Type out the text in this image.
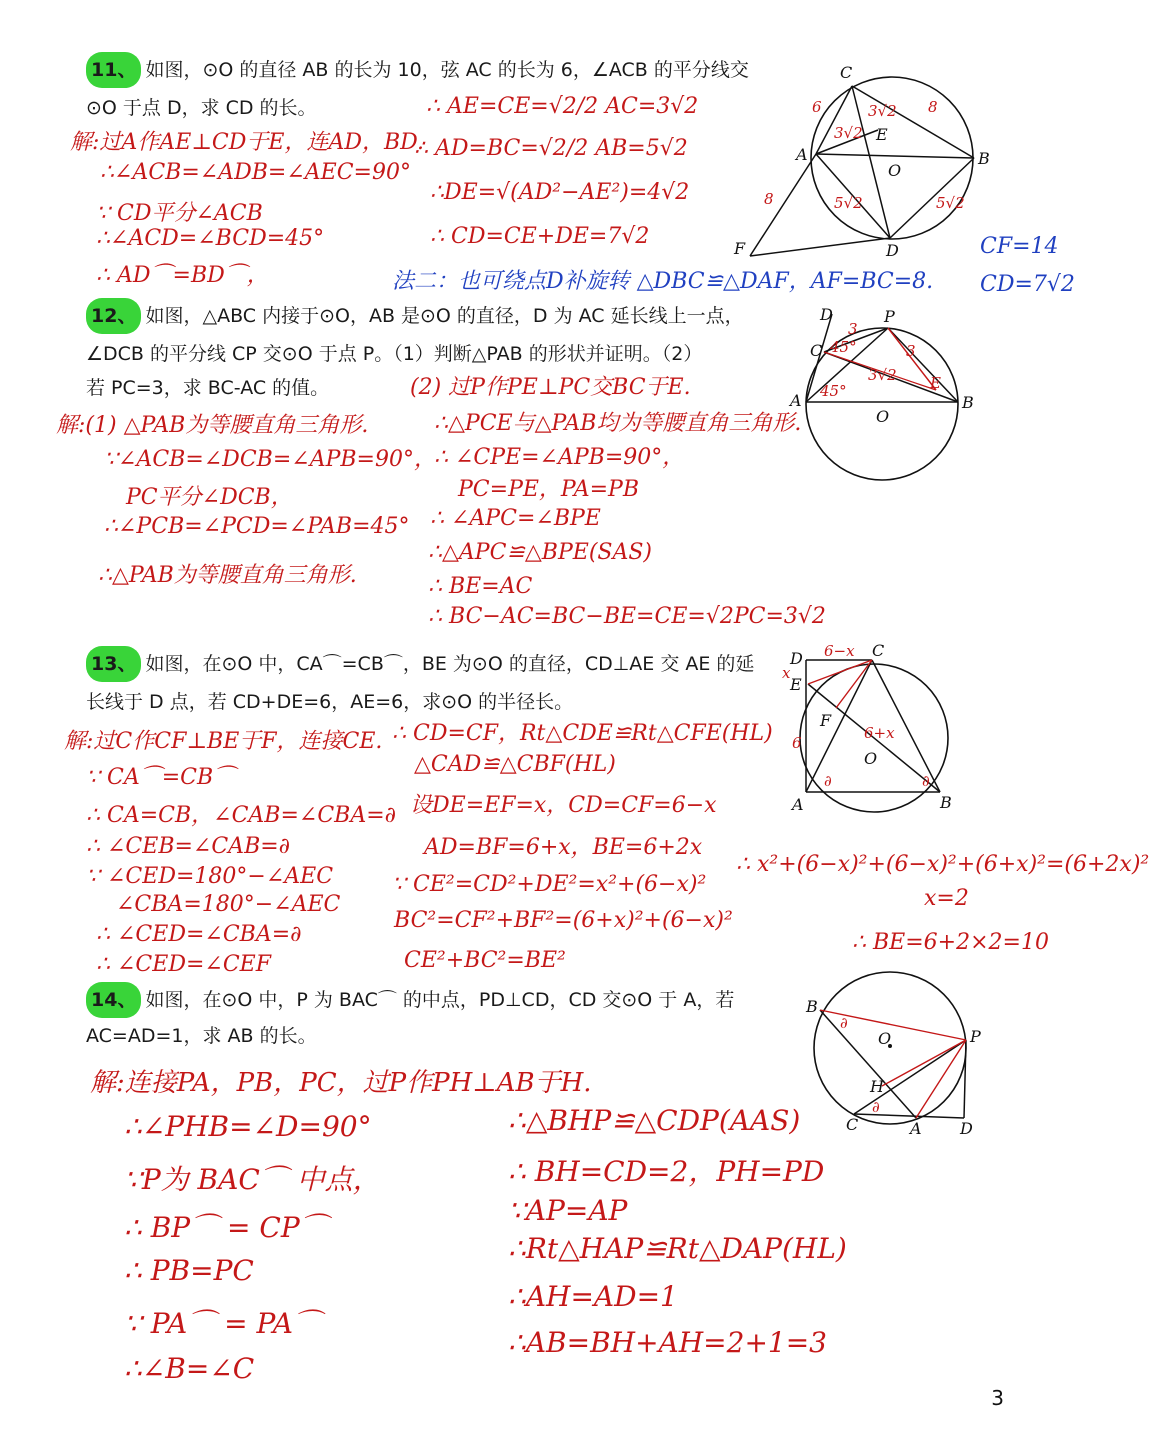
11、 如图，⊙O 的直径 AB 的长为 10，弦 AC 的长为 6，∠ACB 的平分线交
⊙O 于点 D，求 CD 的长。
解:过A作AE⊥CD于E，连AD，BD.
∴∠ACB=∠ADB=∠AEC=90°
∵ CD平分∠ACB
∴∠ACD=∠BCD=45°
∴ AD⌒=BD⌒，
∴ AE=CE=√2/2 AC=3√2
∴ AD=BC=√2/2 AB=5√2
∴DE=√(AD²−AE²)=4√2
∴ CD=CE+DE=7√2
法二：也可绕点D补旋转 △DBC≌△DAF，AF=BC=8.
CF=14
CD=7√2
C
A	B
O
D
F
E
6	8
8
3√2
5√2	5√2
3√2
12、 如图，△ABC 内接于⊙O，AB 是⊙O 的直径，D 为 AC 延长线上一点，
∠DCB 的平分线 CP 交⊙O 于点 P。（1）判断△PAB 的形状并证明。（2）
若 PC=3，求 BC-AC 的值。
解:(1) △PAB为等腰直角三角形.
∵∠ACB=∠DCB=∠APB=90°，
PC平分∠DCB，
∴∠PCB=∠PCD=∠PAB=45°
∴△PAB为等腰直角三角形.
(2) 过P作PE⊥PC交BC于E.
∴△PCE与△PAB均为等腰直角三角形.
∴ ∠CPE=∠APB=90°，
PC=PE，PA=PB
∴ ∠APC=∠BPE
∴△APC≌△BPE(SAS)
∴ BE=AC
∴ BC−AC=BC−BE=CE=√2PC=3√2
D	P
C
A
O
B
E
3
3
3√2
45°
45°
13、 如图，在⊙O 中，CA⌒=CB⌒，BE 为⊙O 的直径，CD⊥AE 交 AE 的延
长线于 D 点，若 CD+DE=6，AE=6，求⊙O 的半径长。
解:过C作CF⊥BE于F，连接CE.
∵ CA⌒=CB⌒
∴ CA=CB，∠CAB=∠CBA=∂
∴ ∠CEB=∠CAB=∂
∵ ∠CED=180°−∠AEC
∠CBA=180°−∠AEC
∴ ∠CED=∠CBA=∂
∴ ∠CED=∠CEF
∴ CD=CF，Rt△CDE≌Rt△CFE(HL)
△CAD≌△CBF(HL)
设DE=EF=x，CD=CF=6−x
AD=BF=6+x，BE=6+2x
∵ CE²=CD²+DE²=x²+(6−x)²
BC²=CF²+BF²=(6+x)²+(6−x)²
CE²+BC²=BE²
∴ x²+(6−x)²+(6−x)²+(6+x)²=(6+2x)²
x=2
∴ BE=6+2×2=10
D	C
E
F
O
A	B
6−x
x
6
6+x
∂	∂
14、 如图，在⊙O 中，P 为 BAC⌒ 的中点，PD⊥CD，CD 交⊙O 于 A，若
AC=AD=1，求 AB 的长。
解:连接PA，PB，PC，过P作PH⊥AB于H.
∴∠PHB=∠D=90°
∵P为 BAC⌒ 中点，
∴ BP⌒ = CP⌒
∴ PB=PC
∵ PA⌒ = PA⌒
∴∠B=∠C
∴△BHP≌△CDP(AAS)
∴ BH=CD=2，PH=PD
∵AP=AP
∴Rt△HAP≌Rt△DAP(HL)
∴AH=AD=1
∴AB=BH+AH=2+1=3
B
O	P
H
C	A D
∂
∂
3
